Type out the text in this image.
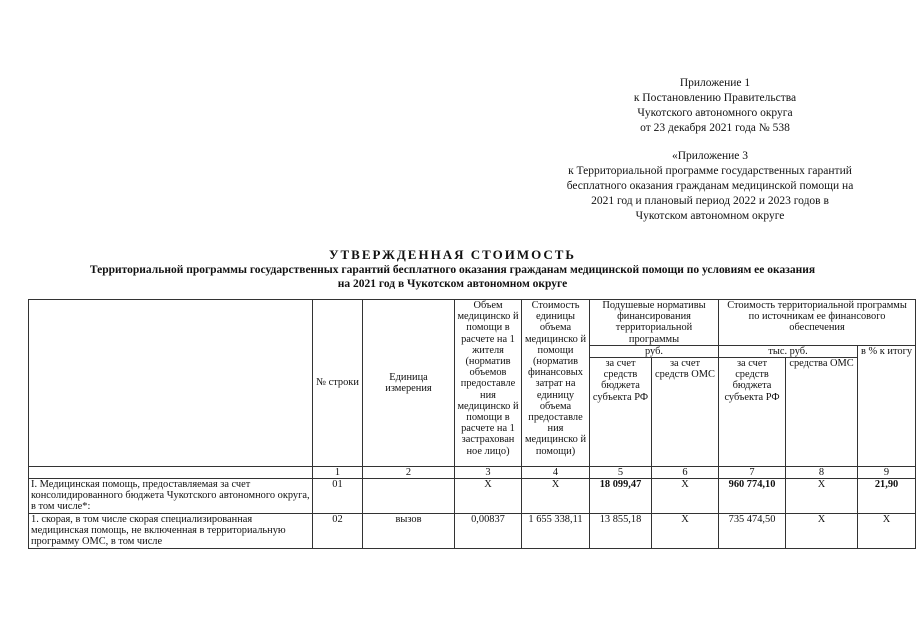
Приложение 1
к Постановлению Правительства
Чукотского автономного округа
от 23 декабря 2021 года № 538
«Приложение 3
к Территориальной программе государственных гарантий
бесплатного оказания гражданам медицинской помощи на
2021 год и плановый период 2022 и 2023 годов в
Чукотском автономном округе
УТВЕРЖДЕННАЯ СТОИМОСТЬ
Территориальной программы государственных гарантий бесплатного оказания гражданам медицинской помощи по условиям ее оказания
на 2021 год в Чукотском автономном округе
	№ строки	Единица измерения	Объем медицинско й помощи в расчете на 1 жителя (норматив объемов предоставле ния медицинско й помощи в расчете на 1 застрахован ное лицо)	Стоимость единицы объема медицинско й помощи (норматив финансовых затрат на единицу объема предоставле ния медицинско й помощи)	Подушевые нормативы финансирования территориальной программы		Стоимость территориальной программы по источникам ее финансового обеспечения		
					руб.		тыс. руб.		в % к итогу
					за счет средств бюджета субъекта РФ	за счет средств ОМС	за счет средств бюджета субъекта РФ	средства ОМС	
	1	2	3	4	5	6	7	8	9
I. Медицинская помощь, предоставляемая за счет консолидированного бюджета Чукотского автономного округа, в том числе*:	01		X	X	18 099,47	X	960 774,10	X	21,90
1. скорая, в том числе скорая специализированная медицинская помощь, не включенная в территориальную программу ОМС, в том числе	02	вызов	0,00837	1 655 338,11	13 855,18	X	735 474,50	X	X
